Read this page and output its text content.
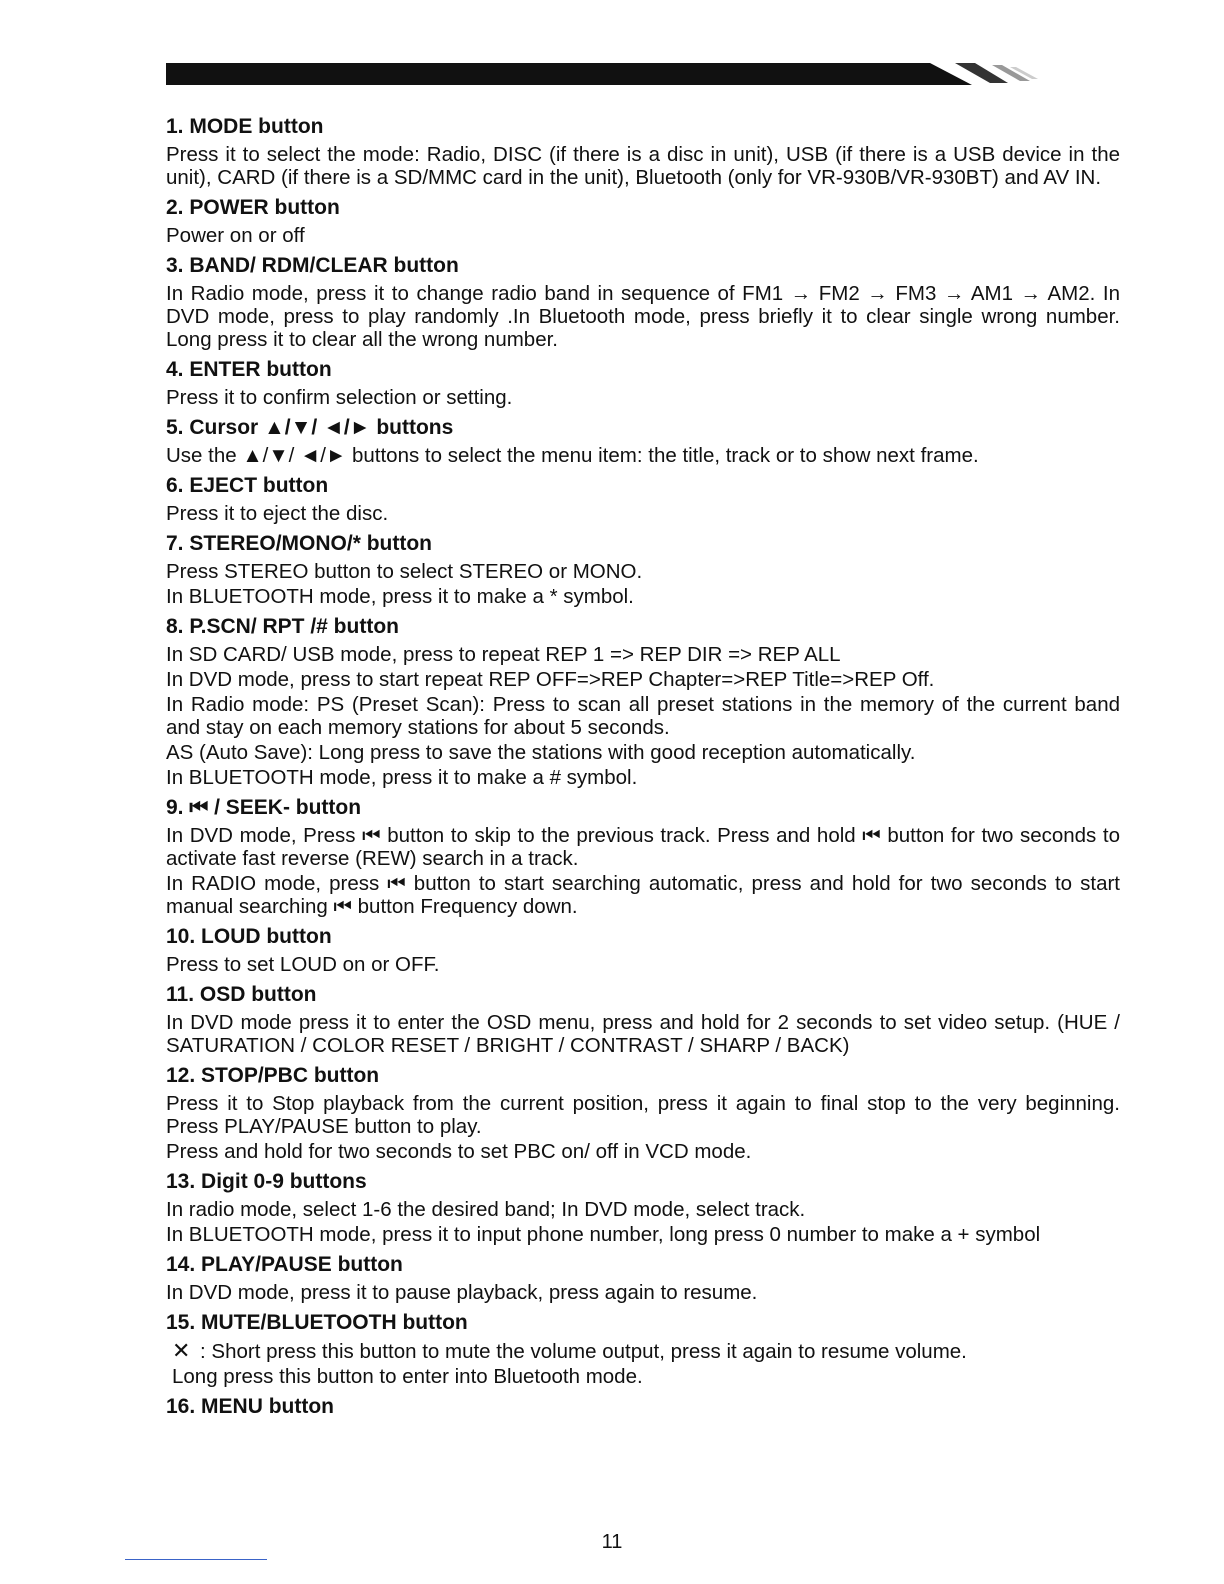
1. MODE button
Press it to select the mode: Radio, DISC (if there is a disc in unit), USB (if there is a USB device in the unit), CARD (if there is a SD/MMC card in the unit), Bluetooth (only for VR-930B/VR-930BT) and AV IN.
2. POWER button
Power on or off
3. BAND/ RDM/CLEAR button
In Radio mode, press it to change radio band in sequence of FM1 → FM2 → FM3 → AM1 → AM2. In DVD mode, press to play randomly .In Bluetooth mode, press briefly it to clear single wrong number. Long press it to clear all the wrong number.
4. ENTER button
Press it to confirm selection or setting.
5. Cursor ▲/▼/ ◄/► buttons
Use the ▲/▼/ ◄/► buttons to select the menu item: the title, track or to show next frame.
6. EJECT button
Press it to eject the disc.
7. STEREO/MONO/* button
Press STEREO button to select STEREO or MONO.
In BLUETOOTH mode, press it to make a * symbol.
8. P.SCN/ RPT /# button
In SD CARD/ USB mode, press to repeat REP 1 => REP DIR => REP ALL
In DVD mode, press to start repeat REP OFF=>REP Chapter=>REP Title=>REP Off.
In Radio mode: PS (Preset Scan): Press to scan all preset stations in the memory of the current band and stay on each memory stations for about 5 seconds.
AS (Auto Save): Long press to save the stations with good reception automatically.
In BLUETOOTH mode, press it to make a # symbol.
9. ⏮ / SEEK- button
In DVD mode, Press ⏮ button to skip to the previous track. Press and hold ⏮ button for two seconds to activate fast reverse (REW) search in a track.
In RADIO mode, press ⏮ button to start searching automatic, press and hold for two seconds to start manual searching ⏮ button Frequency down.
10. LOUD button
Press to set LOUD on or OFF.
11. OSD button
In DVD mode press it to enter the OSD menu, press and hold for 2 seconds to set video setup. (HUE / SATURATION / COLOR RESET / BRIGHT / CONTRAST / SHARP / BACK)
12. STOP/PBC button
Press it to Stop playback from the current position, press it again to final stop to the very beginning. Press PLAY/PAUSE button to play.
Press and hold for two seconds to set PBC on/ off in VCD mode.
13. Digit 0-9 buttons
In radio mode, select 1-6 the desired band; In DVD mode, select track.
In BLUETOOTH mode, press it to input phone number, long press 0 number to make a + symbol
14. PLAY/PAUSE button
In DVD mode, press it to pause playback, press again to resume.
15. MUTE/BLUETOOTH button
✕ : Short press this button to mute the volume output, press it again to resume volume.
Long press this button to enter into Bluetooth mode.
16. MENU button
11
